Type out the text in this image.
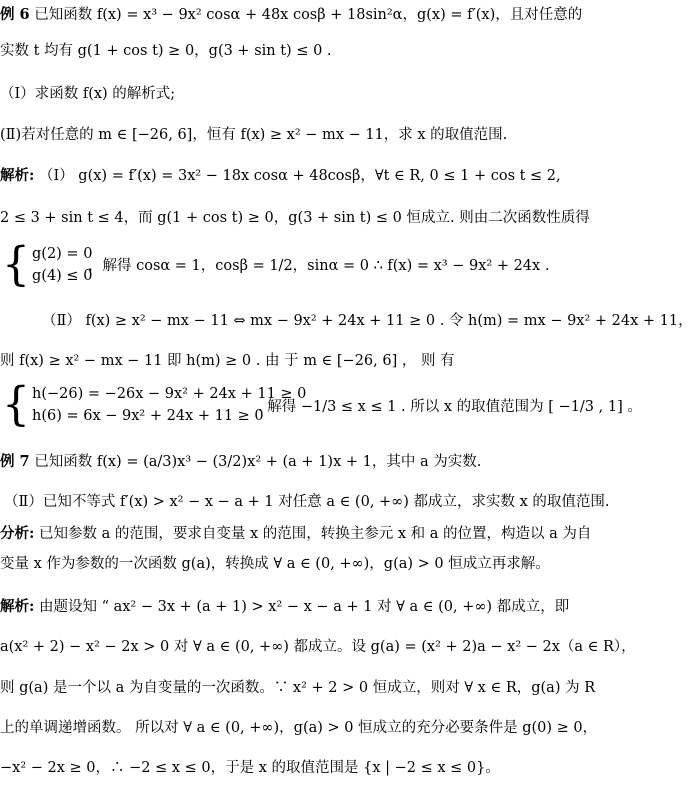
例 6 已知函数 f(x) = x³ − 9x² cosα + 48x cosβ + 18sin²α，g(x) = f′(x)，且对任意的
实数 t 均有 g(1 + cos t) ≥ 0，g(3 + sin t) ≤ 0 .
（Ⅰ）求函数 f(x) 的解析式;
(Ⅱ)若对任意的 m ∈ [−26, 6]，恒有 f(x) ≥ x² − mx − 11，求 x 的取值范围.
解析: （Ⅰ） g(x) = f′(x) = 3x² − 18x cosα + 48cosβ，∀t ∈ R, 0 ≤ 1 + cos t ≤ 2,
2 ≤ 3 + sin t ≤ 4，而 g(1 + cos t) ≥ 0，g(3 + sin t) ≤ 0 恒成立. 则由二次函数性质得
{ g(2) = 0
g(4) ≤ 0
，解得 cosα = 1，cosβ = 1/2，sinα = 0 ∴ f(x) = x³ − 9x² + 24x .
（Ⅱ） f(x) ≥ x² − mx − 11 ⇔ mx − 9x² + 24x + 11 ≥ 0 . 令 h(m) = mx − 9x² + 24x + 11，
则 f(x) ≥ x² − mx − 11 即 h(m) ≥ 0 . 由 于 m ∈ [−26, 6] ， 则 有
{ h(−26) = −26x − 9x² + 24x + 11 ≥ 0
h(6) = 6x − 9x² + 24x + 11 ≥ 0
. 解得 −1/3 ≤ x ≤ 1 . 所以 x 的取值范围为 [ −1/3 , 1] 。
例 7 已知函数 f(x) = (a/3)x³ − (3/2)x² + (a + 1)x + 1，其中 a 为实数.
（Ⅱ）已知不等式 f′(x) > x² − x − a + 1 对任意 a ∈ (0, +∞) 都成立，求实数 x 的取值范围.
分析: 已知参数 a 的范围，要求自变量 x 的范围，转换主参元 x 和 a 的位置，构造以 a 为自
变量 x 作为参数的一次函数 g(a)，转换成 ∀ a ∈ (0, +∞)，g(a) > 0 恒成立再求解。
解析: 由题设知 “ ax² − 3x + (a + 1) > x² − x − a + 1 对 ∀ a ∈ (0, +∞) 都成立，即
a(x² + 2) − x² − 2x > 0 对 ∀ a ∈ (0, +∞) 都成立。设 g(a) = (x² + 2)a − x² − 2x（a ∈ R），
则 g(a) 是一个以 a 为自变量的一次函数。∵ x² + 2 > 0 恒成立，则对 ∀ x ∈ R，g(a) 为 R
上的单调递增函数。 所以对 ∀ a ∈ (0, +∞)，g(a) > 0 恒成立的充分必要条件是 g(0) ≥ 0，
−x² − 2x ≥ 0，∴ −2 ≤ x ≤ 0，于是 x 的取值范围是 {x | −2 ≤ x ≤ 0}。
